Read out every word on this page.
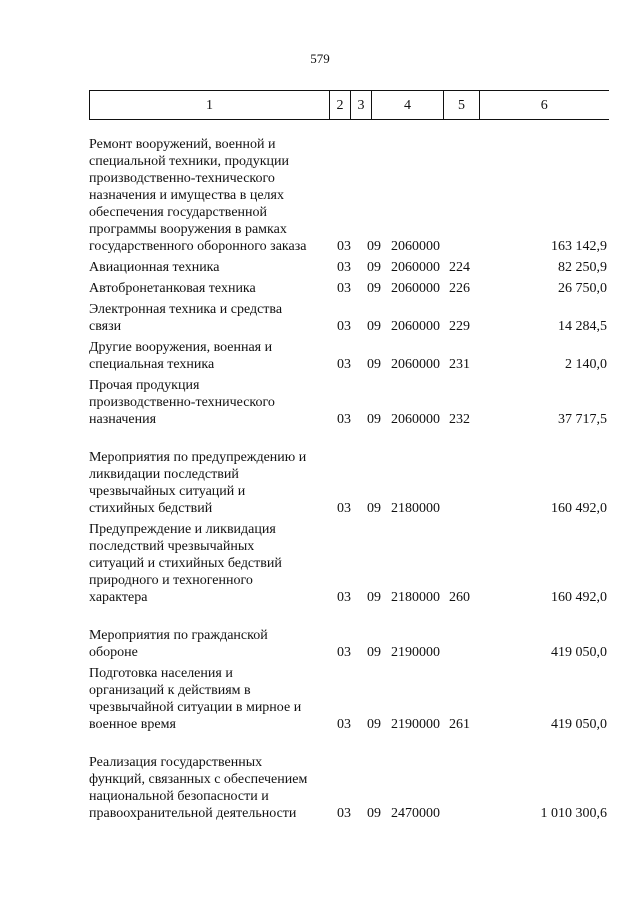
579
1	2	3	4	5	6
Ремонт вооружений, военной и
специальной техники, продукции
производственно-технического
назначения и имущества в целях
обеспечения государственной
программы вооружения в рамках
государственного оборонного заказа	03	09 2060000	163 142,9
Авиационная техника	03	09 2060000 224	82 250,9
Автобронетанковая техника	03	09 2060000 226	26 750,0
Электронная техника и средства
связи	03	09 2060000 229	14 284,5
Другие вооружения, военная и
специальная техника	03	09 2060000 231	2 140,0
Прочая продукция
производственно-технического
назначения	03	09 2060000 232	37 717,5
Мероприятия по предупреждению и
ликвидации последствий
чрезвычайных ситуаций и
стихийных бедствий	03	09 2180000	160 492,0
Предупреждение и ликвидация
последствий чрезвычайных
ситуаций и стихийных бедствий
природного и техногенного
характера	03	09 2180000 260	160 492,0
Мероприятия по гражданской
обороне	03	09 2190000	419 050,0
Подготовка населения и
организаций к действиям в
чрезвычайной ситуации в мирное и
военное время	03	09 2190000 261	419 050,0
Реализация государственных
функций, связанных с обеспечением
национальной безопасности и
правоохранительной деятельности	03	09 2470000	1 010 300,6
